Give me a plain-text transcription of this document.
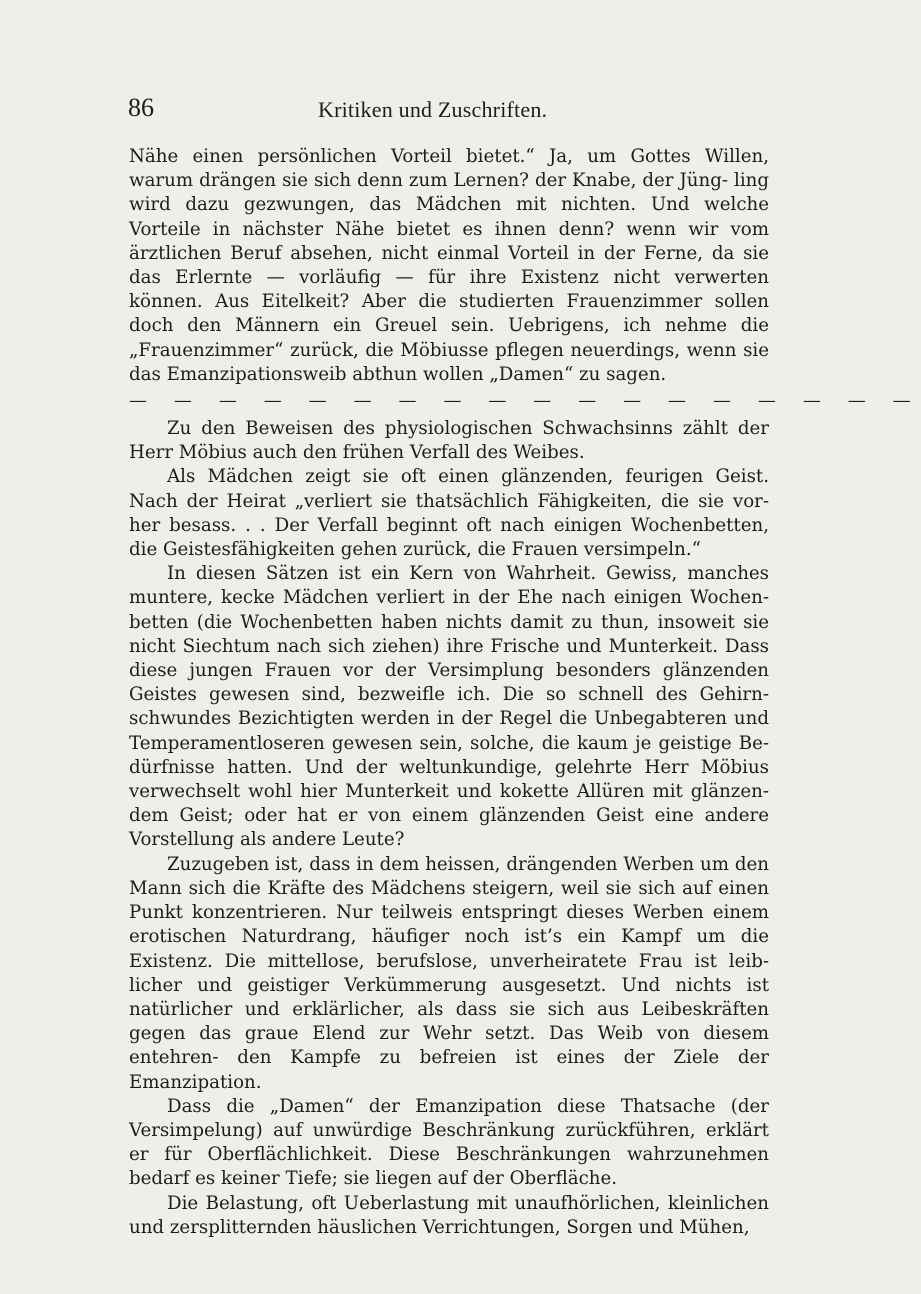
86	Kritiken und Zuschriften.

Nähe einen persönlichen Vorteil bietet.“ Ja, um Gottes Willen, warum drängen sie sich denn zum Lernen? der Knabe, der Jüng- ling wird dazu gezwungen, das Mädchen mit nichten. Und welche Vorteile in nächster Nähe bietet es ihnen denn? wenn wir vom ärztlichen Beruf absehen, nicht einmal Vorteil in der Ferne, da sie das Erlernte — vorläufig — für ihre Existenz nicht verwerten können. Aus Eitelkeit? Aber die studierten Frauenzimmer sollen doch den Männern ein Greuel sein. Uebrigens, ich nehme die „Frauenzimmer“ zurück, die Möbiusse pflegen neuerdings, wenn sie das Emanzipationsweib abthun wollen „Damen“ zu sagen.

— — — — — — — — — — — — — — — — — —

Zu den Beweisen des physiologischen Schwachsinns zählt der Herr Möbius auch den frühen Verfall des Weibes.

Als Mädchen zeigt sie oft einen glänzenden, feurigen Geist. Nach der Heirat „verliert sie thatsächlich Fähigkeiten, die sie vor- her besass. . . Der Verfall beginnt oft nach einigen Wochenbetten, die Geistesfähigkeiten gehen zurück, die Frauen versimpeln.“

In diesen Sätzen ist ein Kern von Wahrheit. Gewiss, manches muntere, kecke Mädchen verliert in der Ehe nach einigen Wochen- betten (die Wochenbetten haben nichts damit zu thun, insoweit sie nicht Siechtum nach sich ziehen) ihre Frische und Munterkeit. Dass diese jungen Frauen vor der Versimplung besonders glänzenden Geistes gewesen sind, bezweifle ich. Die so schnell des Gehirn- schwundes Bezichtigten werden in der Regel die Unbegabteren und Temperamentloseren gewesen sein, solche, die kaum je geistige Be- dürfnisse hatten. Und der weltunkundige, gelehrte Herr Möbius verwechselt wohl hier Munterkeit und kokette Allüren mit glänzen- dem Geist; oder hat er von einem glänzenden Geist eine andere Vorstellung als andere Leute?

Zuzugeben ist, dass in dem heissen, drängenden Werben um den Mann sich die Kräfte des Mädchens steigern, weil sie sich auf einen Punkt konzentrieren. Nur teilweis entspringt dieses Werben einem erotischen Naturdrang, häufiger noch ist’s ein Kampf um die Existenz. Die mittellose, berufslose, unverheiratete Frau ist leib- licher und geistiger Verkümmerung ausgesetzt. Und nichts ist natürlicher und erklärlicher, als dass sie sich aus Leibeskräften gegen das graue Elend zur Wehr setzt. Das Weib von diesem entehren- den Kampfe zu befreien ist eines der Ziele der Emanzipation.

Dass die „Damen“ der Emanzipation diese Thatsache (der Versimpelung) auf unwürdige Beschränkung zurückführen, erklärt er für Oberflächlichkeit. Diese Beschränkungen wahrzunehmen bedarf es keiner Tiefe; sie liegen auf der Oberfläche.

Die Belastung, oft Ueberlastung mit unaufhörlichen, kleinlichen und zersplitternden häuslichen Verrichtungen, Sorgen und Mühen,
